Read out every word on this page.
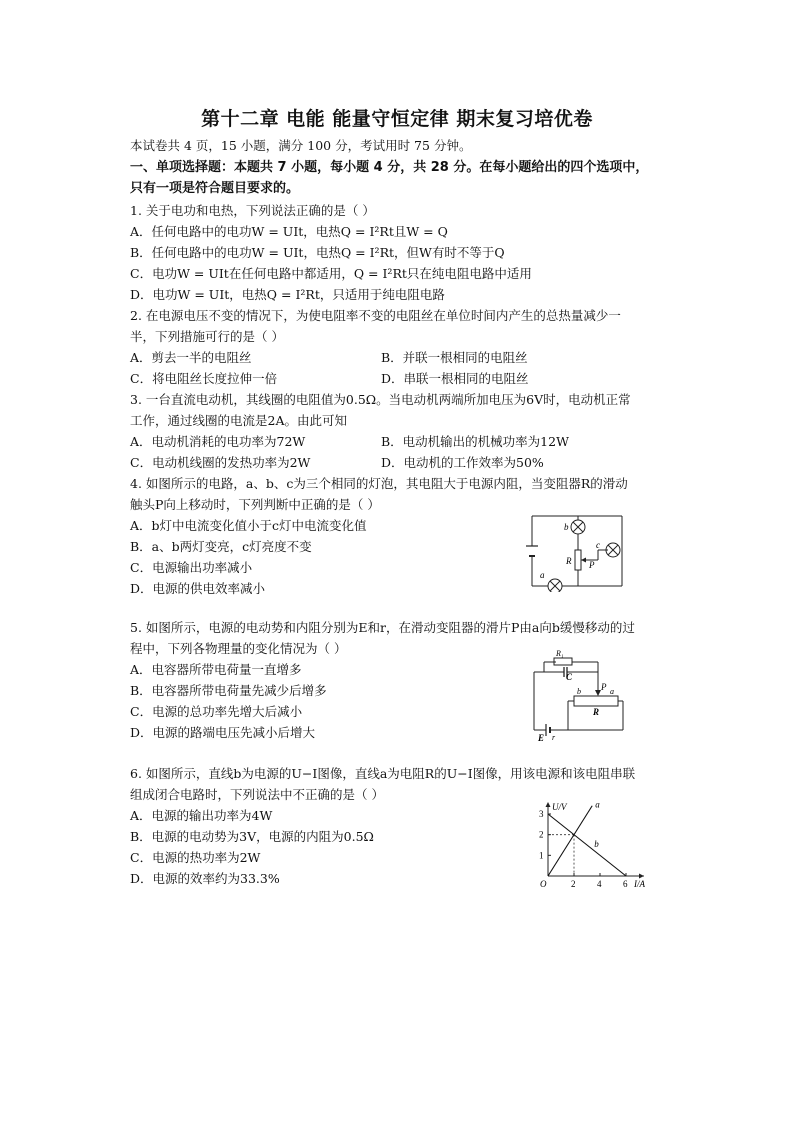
第十二章 电能 能量守恒定律 期末复习培优卷
本试卷共 4 页，15 小题，满分 100 分，考试用时 75 分钟。
一、单项选择题：本题共 7 小题，每小题 4 分，共 28 分。在每小题给出的四个选项中，
只有一项是符合题目要求的。
1. 关于电功和电热，下列说法正确的是（ ）
A．任何电路中的电功W = UIt，电热Q = I²Rt且W = Q
B．任何电路中的电功W = UIt，电热Q = I²Rt，但W有时不等于Q
C．电功W = UIt在任何电路中都适用，Q = I²Rt只在纯电阻电路中适用
D．电功W = UIt，电热Q = I²Rt，只适用于纯电阻电路
2. 在电源电压不变的情况下，为使电阻率不变的电阻丝在单位时间内产生的总热量减少一
半，下列措施可行的是（ ）
A．剪去一半的电阻丝	B．并联一根相同的电阻丝
C．将电阻丝长度拉伸一倍	D．串联一根相同的电阻丝
3. 一台直流电动机，其线圈的电阻值为0.5Ω。当电动机两端所加电压为6V时，电动机正常
工作，通过线圈的电流是2A。由此可知
A．电动机消耗的电功率为72W	B．电动机输出的机械功率为12W
C．电动机线圈的发热功率为2W	D．电动机的工作效率为50%
4. 如图所示的电路，a、b、c为三个相同的灯泡，其电阻大于电源内阻，当变阻器R的滑动
触头P向上移动时，下列判断中正确的是（ ）
A．b灯中电流变化值小于c灯中电流变化值
B．a、b两灯变亮，c灯亮度不变
C．电源输出功率减小
D．电源的供电效率减小
a
b
c
R P
5. 如图所示，电源的电动势和内阻分别为E和r，在滑动变阻器的滑片P由a向b缓慢移动的过
程中，下列各物理量的变化情况为（ ）
A．电容器所带电荷量一直增多
B．电容器所带电荷量先减少后增多
C．电源的总功率先增大后减小
D．电源的路端电压先减小后增大
R₁
C
P a
b
R
E r
6. 如图所示，直线b为电源的U−I图像，直线a为电阻R的U−I图像，用该电源和该电阻串联
组成闭合电路时，下列说法中不正确的是（ ）
A．电源的输出功率为4W
B．电源的电动势为3V，电源的内阻为0.5Ω
C．电源的热功率为2W
D．电源的效率约为33.3%
a
b
2 4 6
1
2
3
U/V
I/A
O
